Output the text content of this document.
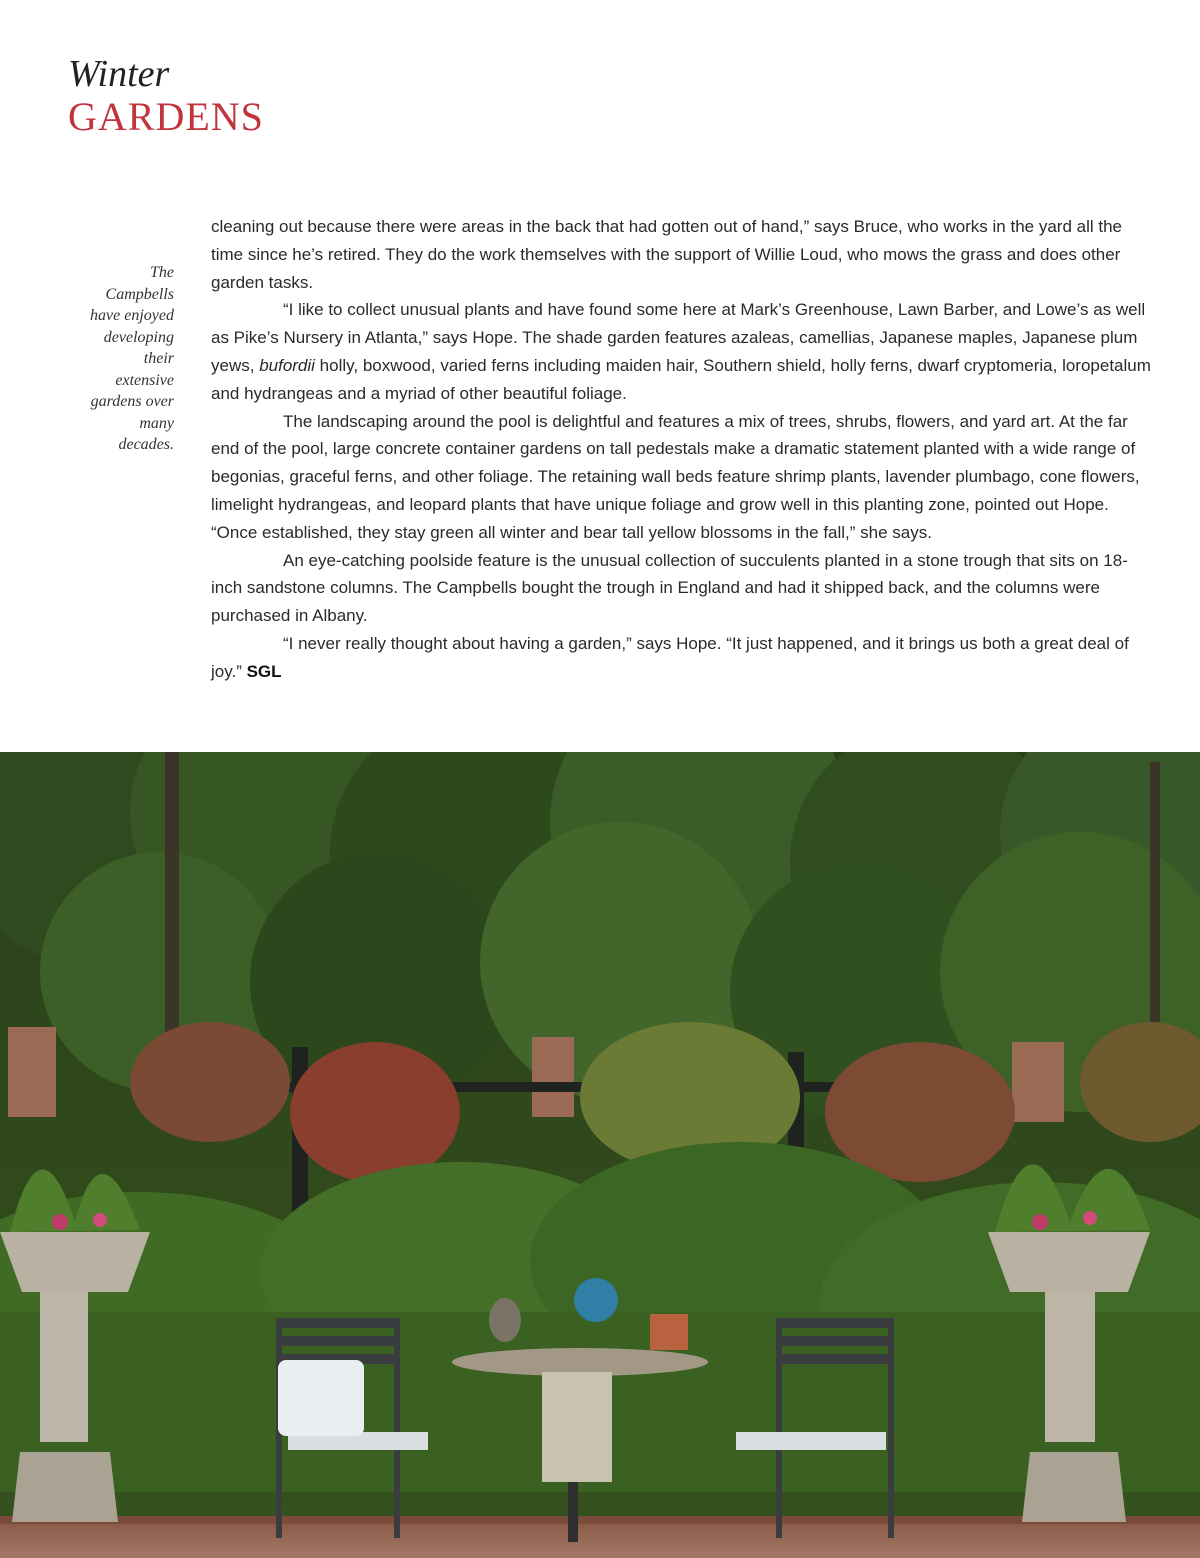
Winter
GARDENS
The
Campbells
have enjoyed
developing
their
extensive
gardens over
many
decades.

cleaning out because there were areas in the back that had gotten out of hand,” says Bruce, who works in the yard all the time since he’s retired. They do the work themselves with the support of Willie Loud, who mows the grass and does other garden tasks.

“I like to collect unusual plants and have found some here at Mark’s Greenhouse, Lawn Barber, and Lowe’s as well as Pike’s Nursery in Atlanta,” says Hope. The shade garden features azaleas, camellias, Japanese maples, Japanese plum yews, bufordii holly, boxwood, varied ferns including maiden hair, Southern shield, holly ferns, dwarf cryptomeria, loropetalum and hydrangeas and a myriad of other beautiful foliage.

The landscaping around the pool is delightful and features a mix of trees, shrubs, flowers, and yard art. At the far end of the pool, large concrete container gardens on tall pedestals make a dramatic statement planted with a wide range of begonias, graceful ferns, and other foliage. The retaining wall beds feature shrimp plants, lavender plumbago, cone flowers, limelight hydrangeas, and leopard plants that have unique foliage and grow well in this planting zone, pointed out Hope. “Once established, they stay green all winter and bear tall yellow blossoms in the fall,” she says.

An eye-catching poolside feature is the unusual collection of succulents planted in a stone trough that sits on 18-inch sandstone columns. The Campbells bought the trough in England and had it shipped back, and the columns were purchased in Albany.

“I never really thought about having a garden,” says Hope. “It just happened, and it brings us both a great deal of joy.” SGL
